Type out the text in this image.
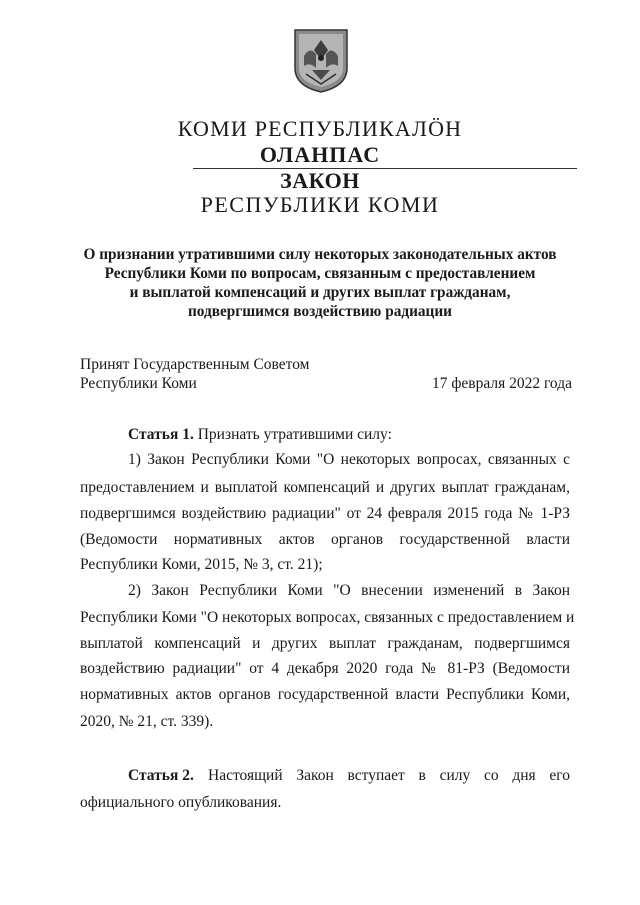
КОМИ РЕСПУБЛИКАЛÖН
ОЛАНПАС
ЗАКОН
РЕСПУБЛИКИ КОМИ
О признании утратившими силу некоторых законодательных актов
Республики Коми по вопросам, связанным с предоставлением
и выплатой компенсаций и других выплат гражданам,
подвергшимся воздействию радиации
Принят Государственным Советом
Республики Коми	17 февраля 2022 года
Статья 1. Признать утратившими силу:
1) Закон Республики Коми "О некоторых вопросах, связанных с
предоставлением и выплатой компенсаций и других выплат гражданам,
подвергшимся воздействию радиации" от 24 февраля 2015 года № 1-РЗ
(Ведомости нормативных актов органов государственной власти
Республики Коми, 2015, № 3, ст. 21);
2) Закон Республики Коми "О внесении изменений в Закон
Республики Коми "О некоторых вопросах, связанных с предоставлением и
выплатой компенсаций и других выплат гражданам, подвергшимся
воздействию радиации" от 4 декабря 2020 года № 81-РЗ (Ведомости
нормативных актов органов государственной власти Республики Коми,
2020, № 21, ст. 339).
Статья 2. Настоящий Закон вступает в силу со дня его
официального опубликования.
